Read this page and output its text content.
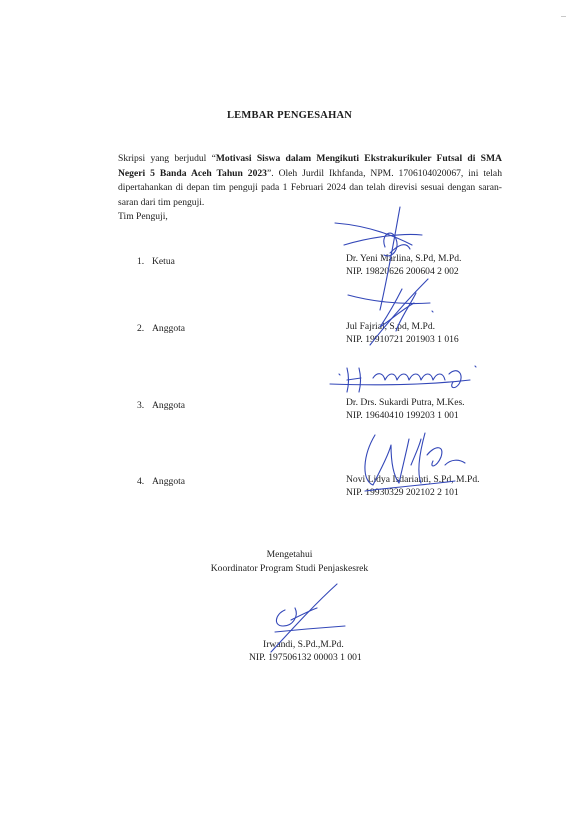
LEMBAR PENGESAHAN
Skripsi yang berjudul “Motivasi Siswa dalam Mengikuti Ekstrakurikuler Futsal di SMA Negeri 5 Banda Aceh Tahun 2023”. Oleh Jurdil Ikhfanda, NPM. 1706104020067, ini telah dipertahankan di depan tim penguji pada 1 Februari 2024 dan telah direvisi sesuai dengan saran-saran dari tim penguji.
Tim Penguji,
1. Ketua	Dr. Yeni Marlina, S.Pd, M.Pd.
NIP. 19820626 200604 2 002
2. Anggota	Jul Fajrial, S.pd, M.Pd.
NIP. 19910721 201903 1 016
3. Anggota	Dr. Drs. Sukardi Putra, M.Kes.
NIP. 19640410 199203 1 001
4. Anggota	Novi Lidya Isdarianti, S.Pd, M.Pd.
NIP. 19930329 202102 2 101
Mengetahui
Koordinator Program Studi Penjaskesrek
Irwandi, S.Pd.,M.Pd.
NIP. 197506132 00003 1 001
